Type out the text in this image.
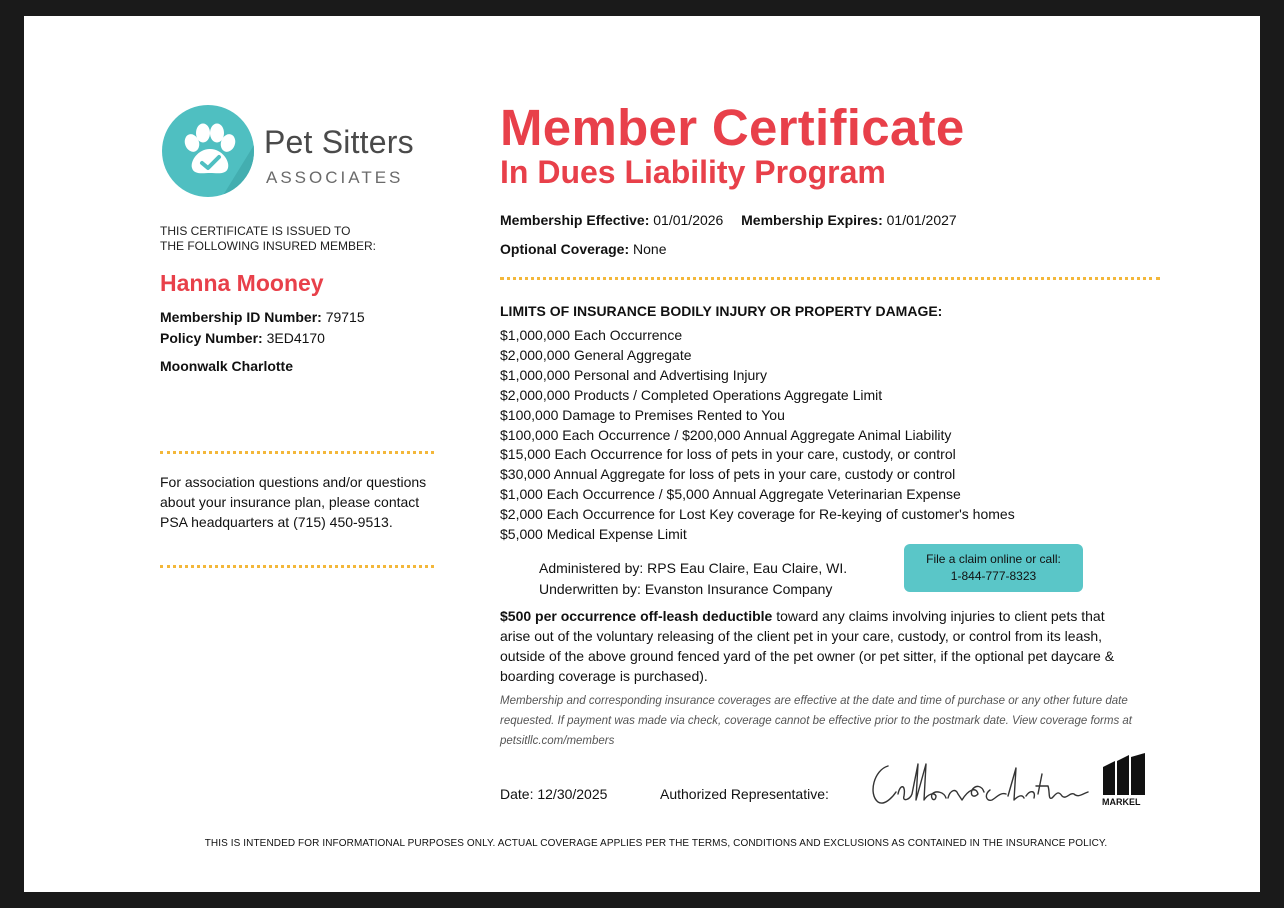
Pet Sitters
ASSOCIATES
THIS CERTIFICATE IS ISSUED TO
THE FOLLOWING INSURED MEMBER:
Hanna Mooney
Membership ID Number: 79715
Policy Number: 3ED4170
Moonwalk Charlotte
For association questions and/or questions about your insurance plan, please contact PSA headquarters at (715) 450-9513.
Member Certificate
In Dues Liability Program
Membership Effective: 01/01/2026 Membership Expires: 01/01/2027
Optional Coverage: None
LIMITS OF INSURANCE BODILY INJURY OR PROPERTY DAMAGE:
$1,000,000 Each Occurrence
$2,000,000 General Aggregate
$1,000,000 Personal and Advertising Injury
$2,000,000 Products / Completed Operations Aggregate Limit
$100,000 Damage to Premises Rented to You
$100,000 Each Occurrence / $200,000 Annual Aggregate Animal Liability
$15,000 Each Occurrence for loss of pets in your care, custody, or control
$30,000 Annual Aggregate for loss of pets in your care, custody or control
$1,000 Each Occurrence / $5,000 Annual Aggregate Veterinarian Expense
$2,000 Each Occurrence for Lost Key coverage for Re-keying of customer's homes
$5,000 Medical Expense Limit
Administered by: RPS Eau Claire, Eau Claire, WI.
Underwritten by: Evanston Insurance Company
File a claim online or call:
1-844-777-8323
$500 per occurrence off-leash deductible toward any claims involving injuries to client pets that arise out of the voluntary releasing of the client pet in your care, custody, or control from its leash, outside of the above ground fenced yard of the pet owner (or pet sitter, if the optional pet daycare & boarding coverage is purchased).
Membership and corresponding insurance coverages are effective at the date and time of purchase or any other future date requested. If payment was made via check, coverage cannot be effective prior to the postmark date. View coverage forms at petsitllc.com/members
Date: 12/30/2025	Authorized Representative:	MARKEL
THIS IS INTENDED FOR INFORMATIONAL PURPOSES ONLY. ACTUAL COVERAGE APPLIES PER THE TERMS, CONDITIONS AND EXCLUSIONS AS CONTAINED IN THE INSURANCE POLICY.
